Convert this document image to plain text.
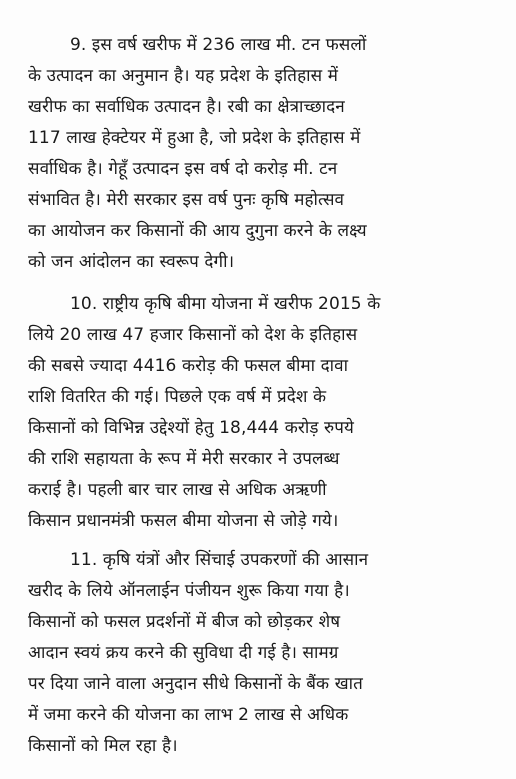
9. इस वर्ष खरीफ में 236 लाख मी. टन फसलों
के उत्पादन का अनुमान है। यह प्रदेश के इतिहास में
खरीफ का सर्वाधिक उत्पादन है। रबी का क्षेत्राच्छादन
117 लाख हेक्टेयर में हुआ है, जो प्रदेश के इतिहास में
सर्वाधिक है। गेहूँ उत्पादन इस वर्ष दो करोड़ मी. टन
संभावित है। मेरी सरकार इस वर्ष पुनः कृषि महोत्सव
का आयोजन कर किसानों की आय दुगुना करने के लक्ष्य
को जन आंदोलन का स्वरूप देगी।
10. राष्ट्रीय कृषि बीमा योजना में खरीफ 2015 के
लिये 20 लाख 47 हजार किसानों को देश के इतिहास
की सबसे ज्यादा 4416 करोड़ की फसल बीमा दावा
राशि वितरित की गई। पिछले एक वर्ष में प्रदेश के
किसानों को विभिन्न उद्देश्यों हेतु 18,444 करोड़ रुपये
की राशि सहायता के रूप में मेरी सरकार ने उपलब्ध
कराई है। पहली बार चार लाख से अधिक अऋणी
किसान प्रधानमंत्री फसल बीमा योजना से जोड़े गये।
11. कृषि यंत्रों और सिंचाई उपकरणों की आसान
खरीद के लिये ऑनलाईन पंजीयन शुरू किया गया है।
किसानों को फसल प्रदर्शनों में बीज को छोड़कर शेष
आदान स्वयं क्रय करने की सुविधा दी गई है। सामग्र
पर दिया जाने वाला अनुदान सीधे किसानों के बैंक खात
में जमा करने की योजना का लाभ 2 लाख से अधिक
किसानों को मिल रहा है।
